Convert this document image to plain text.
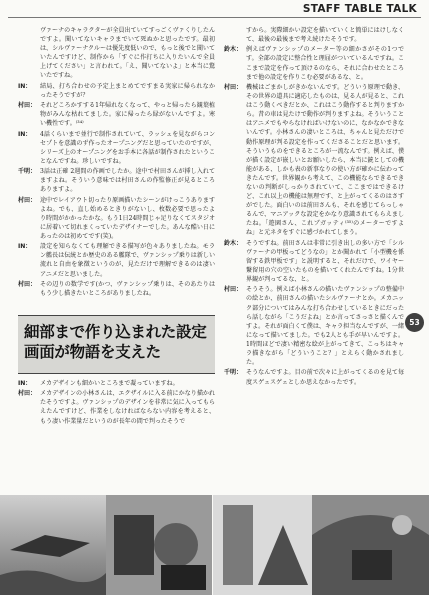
STAFF TABLE TALK
ヴァーナのキャラクターが全員出ていてすっごくヴァくりしたんですよ。聞いてないキャラまでいて死ぬかと思ったです。最初は、シルヴァーナクルーは優先度低いので、もっと後でと聞いていたんですけど、制作から「すぐに作打ちに入りたいんで全員上げてください」と言われて。「え、聞いてないよ」と本当に驚いたですね。
IN：	結局、打ち合わせの予定上まとめてですまる実家に帰られなかったそうですが？
村田： それどころかすする1年帰れなくなって、やっと帰ったら観葉植物がみんな枯れてました。家に帰ったら緑がないんですよ。寒い機性です。⁽³⁴⁾
IN：	4話くらいまで並行で制作されていて、ラッシュを見ながらコンセプトを意識のず作ったオープニングだと思っていたのですが、シリーズ上のオープニングをお手本に各話が制作されたということなんですね。珍しいですね。
千明： 3話は正確 2週間の作画でしたか。途中で村田さんが挿し入れてますよね。そういう意味では村田さんの作監修正が見るところありますよ。
村田： 途中でレイアウト切ったり原画描いたシーンがけっこうありますよね。でも、直し始めるときりがないし、枚数必要で思ったより時間がかかったかな。もう1日24時間じゃ足りなくてスタジオに居着いて切れまくっていたデザイナーでした。あんな酷い日にあったのは初めてです(笑)。
IN：	設定を知らなくても理解できる描写が色々ありましたね。モラン艦長は伝統とか歴史のある艦隊で、ヴァンシップ乗りは新しい流れと自由を象徴というのが、見ただけで理解できるのは凄いアニメだと思いました。
村田： その辺りの数学です(かつ、ヴァンシップ乗りは、そのあたりはもう少し描きたいところがありましたね。
細部まで作り込まれた設定画面が物語を支えた
IN：	メカデザインも細かいところまで凝っていますね。
村田： メカデザインの小林さんは、エクザイルに入る前にかなり描かれたそうですよ。ヴァンシップのデザインを非常に気に入ってもらえたんですけど、作業をしなければならない内容を考えると、もう凄い作業量だというのが長年の間で判ったそうで
すから。実際細かい設定を描いていくと簡単にはけしなくて、最後の最後まで考え続けたそうです。
鈴木： 例えばヴァンシップのメーター等の細かさがその1つです。全部の設定に整合性と理屈がついているんですね。ここまで設定を作って頂けるのなら、それに合わせたところまで他の設定を作りこむ必要があるな、と。
村田： 機械はごまかしがきかないんです。どういう原理で動き、その世界の道具に適応したものは、見る人が見ると、これはこう動くべきだとか、これはこう動作すると判りますから。昔の車は見たけで動作が判りますよね。そういうことはアニメでもやらなければいけないのに、なかなかできないんです。小林さんの凄いところは、ちゃんと見ただけで動作原理が判る設定を作ってくださることだと思います。そういうものをできるところが一流なんです。例えば、僕が描く設定が嵌しいとお願いしたら、本当に銃としての機能がある、しかも表の新事なりの使い方が確かに伝わってきたんです。世界観から考えて、この機能ならできるできないの判断がしっかりされていて、ここまではできるけど、これ以上の機能は無理です、と上がってくるのはさすがでした。面白いのは前田さんも、それを感じてらっしゃるんで、マニアックな設定をかなり意識されてもらえましたね。「遊園さん、これブガッティ⁽³⁵⁾のメーターですよね」と元ネタをすぐに感づかれてしまう。
鈴木： そうですね。前田さんは非常に引き出しの多い方で「シルヴァーナの甲板ってどうなの」とか聞かれて「小型機を係留する鉄甲板です」と説明すると、それだけで、ワイヤー繋留用の穴の空いたものを描いてくれたんですね。1分世界観が判ってるな、と。
村田： そうそう。例えば小林さんの描いたヴァンシップの整備中の絵とか、前田さんの描いたシルヴァーナとか。メカニック部分についてはみんな打ち合わせしているときにだったら話しながら「こうだよね」とか言ってさっさと描くんですよ。それが面白くて僕は、キャラ担当なんですが、一緒になって描いてました。でも2人とも手が早いんですよ。1時間ほどで凄い精密な絵が上がってきて、こっちはキャラ描きながら「どういうこと？」とえらく動かされました。
千明： そうなんですよ。目の前で次々に上がってくるのを見て毎度スゲェスゲェとしか思えなかったです。
53
